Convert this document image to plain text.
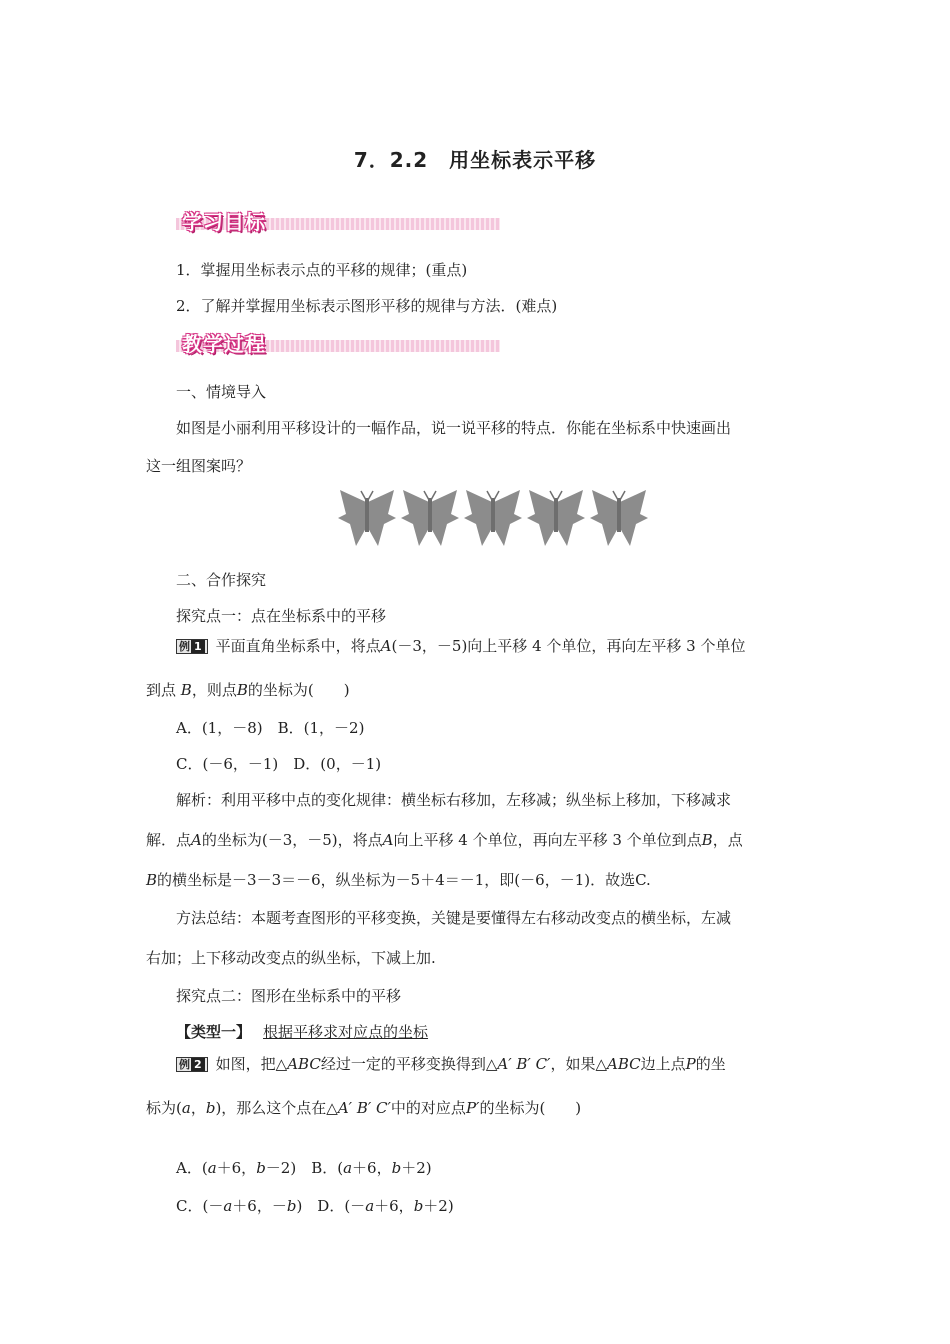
7．2.2　用坐标表示平移
学习目标
1．掌握用坐标表示点的平移的规律；(重点)
2．了解并掌握用坐标表示图形平移的规律与方法．(难点)
教学过程
一、情境导入
如图是小丽利用平移设计的一幅作品，说一说平移的特点．你能在坐标系中快速画出
这一组图案吗？
二、合作探究
探究点一：点在坐标系中的平移
例 1 平面直角坐标系中，将点A(－3，－5)向上平移 4 个单位，再向左平移 3 个单位
到点 B，则点B的坐标为(　　)
A．(1，－8)　B．(1，－2)
C．(－6，－1)　D．(0，－1)
解析：利用平移中点的变化规律：横坐标右移加，左移减；纵坐标上移加，下移减求
解．点A的坐标为(－3，－5)，将点A向上平移 4 个单位，再向左平移 3 个单位到点B，点
B的横坐标是－3－3＝－6，纵坐标为－5＋4＝－1，即(－6，－1)．故选C.
方法总结：本题考查图形的平移变换，关键是要懂得左右移动改变点的横坐标，左减
右加；上下移动改变点的纵坐标，下减上加.
探究点二：图形在坐标系中的平移
【类型一】 根据平移求对应点的坐标
例 2 如图，把△ABC经过一定的平移变换得到△A′ B′ C′，如果△ABC边上点P的坐
标为(a，b)，那么这个点在△A′ B′ C′中的对应点P′的坐标为(　　)
A．(a＋6，b－2)　B．(a＋6，b＋2)
C．(－a＋6，－b)　D．(－a＋6，b＋2)
